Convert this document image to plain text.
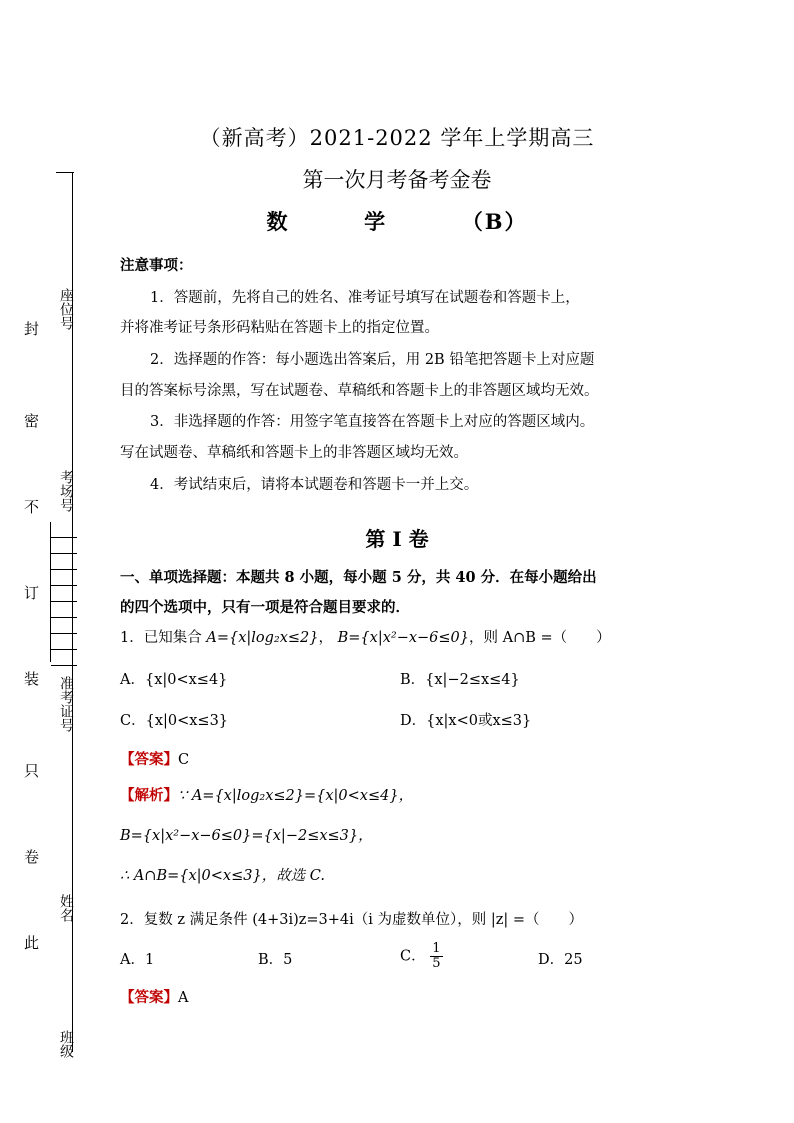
座位号
考场号
准考证号
姓名
班级
封
密
不
订
装
只
卷
此
（新高考）2021-2022 学年上学期高三
第一次月考备考金卷
数	学	（B）
注意事项：
1．答题前，先将自己的姓名、准考证号填写在试题卷和答题卡上，
并将准考证号条形码粘贴在答题卡上的指定位置。
2．选择题的作答：每小题选出答案后，用 2B 铅笔把答题卡上对应题
目的答案标号涂黑，写在试题卷、草稿纸和答题卡上的非答题区域均无效。
3．非选择题的作答：用签字笔直接答在答题卡上对应的答题区域内。
写在试题卷、草稿纸和答题卡上的非答题区域均无效。
4．考试结束后，请将本试题卷和答题卡一并上交。
第 I 卷
一、单项选择题：本题共 8 小题，每小题 5 分，共 40 分．在每小题给出
的四个选项中，只有一项是符合题目要求的．
1．已知集合 A={x|log₂x≤2}， B={x|x²−x−6≤0}，则 A∩B =（　　）
A．{x|0<x≤4}	B．{x|−2≤x≤4}
C．{x|0<x≤3}	D．{x|x<0或x≤3}
【答案】C
【解析】∵ A={x|log₂x≤2}={x|0<x≤4}，
B={x|x²−x−6≤0}={x|−2≤x≤3}，
∴ A∩B={x|0<x≤3}，故选 C.
2．复数 z 满足条件 (4+3i)z=3+4i（i 为虚数单位），则 |z| =（　　）
A．1	B．5	C． $\frac{1}{5}$	D．25
【答案】A
